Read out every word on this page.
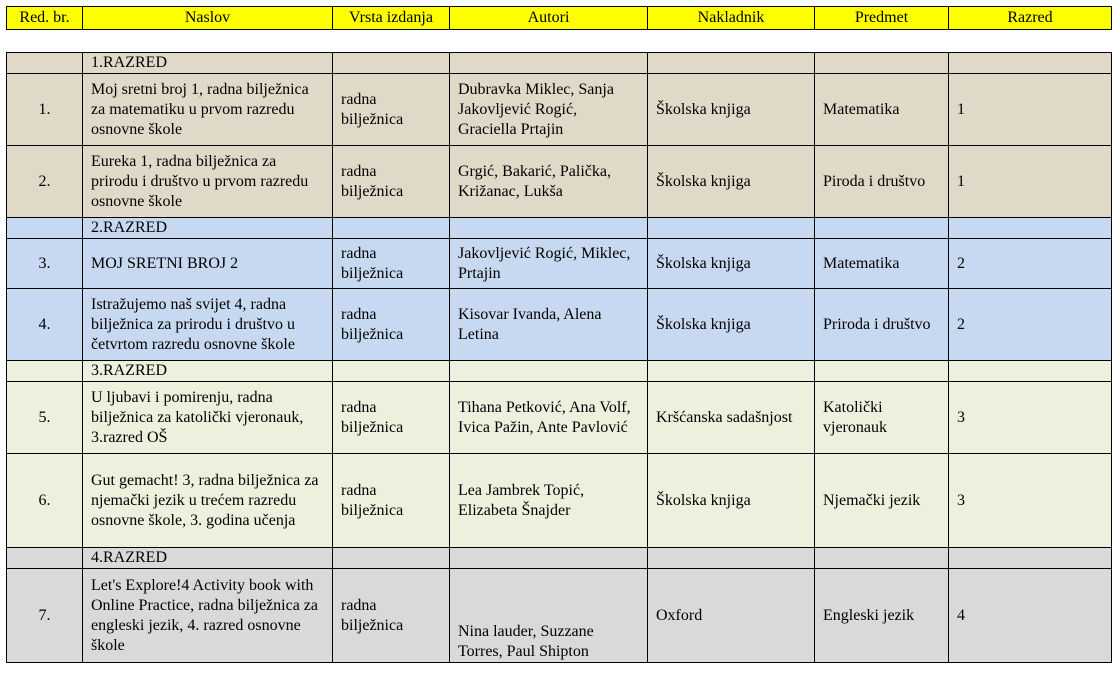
Red. br.	Naslov	Vrsta izdanja	Autori	Nakladnik	Predmet	Razred
	1.RAZRED					
1.	Moj sretni broj 1, radna bilježnica za matematiku u prvom razredu osnovne škole	radna bilježnica	Dubravka Miklec, Sanja Jakovljević Rogić, Graciella Prtajin	Školska knjiga	Matematika	1
2.	Eureka 1, radna bilježnica za prirodu i društvo u prvom razredu osnovne škole	radna bilježnica	Grgić, Bakarić, Palička, Križanac, Lukša	Školska knjiga	Piroda i društvo	1
	2.RAZRED					
3.	MOJ SRETNI BROJ 2	radna bilježnica	Jakovljević Rogić, Miklec, Prtajin	Školska knjiga	Matematika	2
4.	Istražujemo naš svijet 4, radna bilježnica za prirodu i društvo u četvrtom razredu osnovne škole	radna bilježnica	Kisovar Ivanda, Alena Letina	Školska knjiga	Priroda i društvo	2
	3.RAZRED					
5.	U ljubavi i pomirenju, radna bilježnica za katolički vjeronauk, 3.razred OŠ	radna bilježnica	Tihana Petković, Ana Volf, Ivica Pažin, Ante Pavlović	Kršćanska sadašnjost	Katolički vjeronauk	3
6.	Gut gemacht! 3, radna bilježnica za njemački jezik u trećem razredu osnovne škole, 3. godina učenja	radna bilježnica	Lea Jambrek Topić, Elizabeta Šnajder	Školska knjiga	Njemački jezik	3
	4.RAZRED					
7.	Let's Explore!4 Activity book with Online Practice, radna bilježnica za engleski jezik, 4. razred osnovne škole	radna bilježnica	Nina lauder, Suzzane Torres, Paul Shipton	Oxford	Engleski jezik	4
